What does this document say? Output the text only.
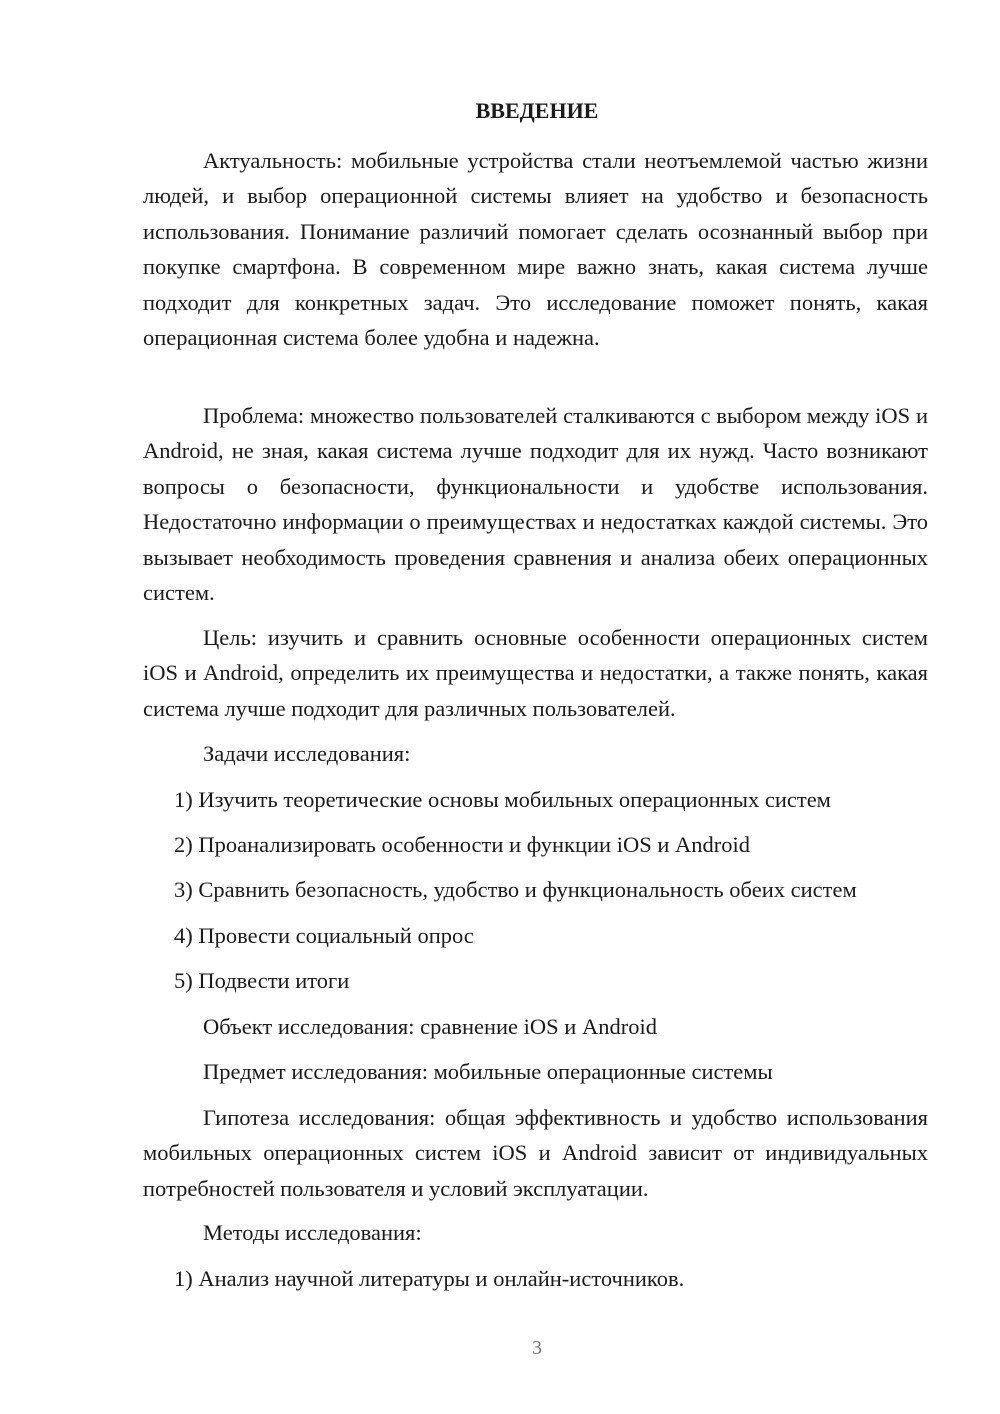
ВВЕДЕНИЕ

Актуальность: мобильные устройства стали неотъемлемой частью жизни людей, и выбор операционной системы влияет на удобство и безопасность использования. Понимание различий помогает сделать осознанный выбор при покупке смартфона. В современном мире важно знать, какая система лучше подходит для конкретных задач. Это исследование поможет понять, какая операционная система более удобна и надежна.

Проблема: множество пользователей сталкиваются с выбором между iOS и Android, не зная, какая система лучше подходит для их нужд. Часто возникают вопросы о безопасности, функциональности и удобстве использования. Недостаточно информации о преимуществах и недостатках каждой системы. Это вызывает необходимость проведения сравнения и анализа обеих операционных систем.

Цель: изучить и сравнить основные особенности операционных систем iOS и Android, определить их преимущества и недостатки, а также понять, какая система лучше подходит для различных пользователей.

Задачи исследования:

1) Изучить теоретические основы мобильных операционных систем

2) Проанализировать особенности и функции iOS и Android

3) Сравнить безопасность, удобство и функциональность обеих систем

4) Провести социальный опрос

5) Подвести итоги

Объект исследования: сравнение iOS и Android

Предмет исследования: мобильные операционные системы

Гипотеза исследования: общая эффективность и удобство использования мобильных операционных систем iOS и Android зависит от индивидуальных потребностей пользователя и условий эксплуатации.

Методы исследования:

1) Анализ научной литературы и онлайн-источников.

3
